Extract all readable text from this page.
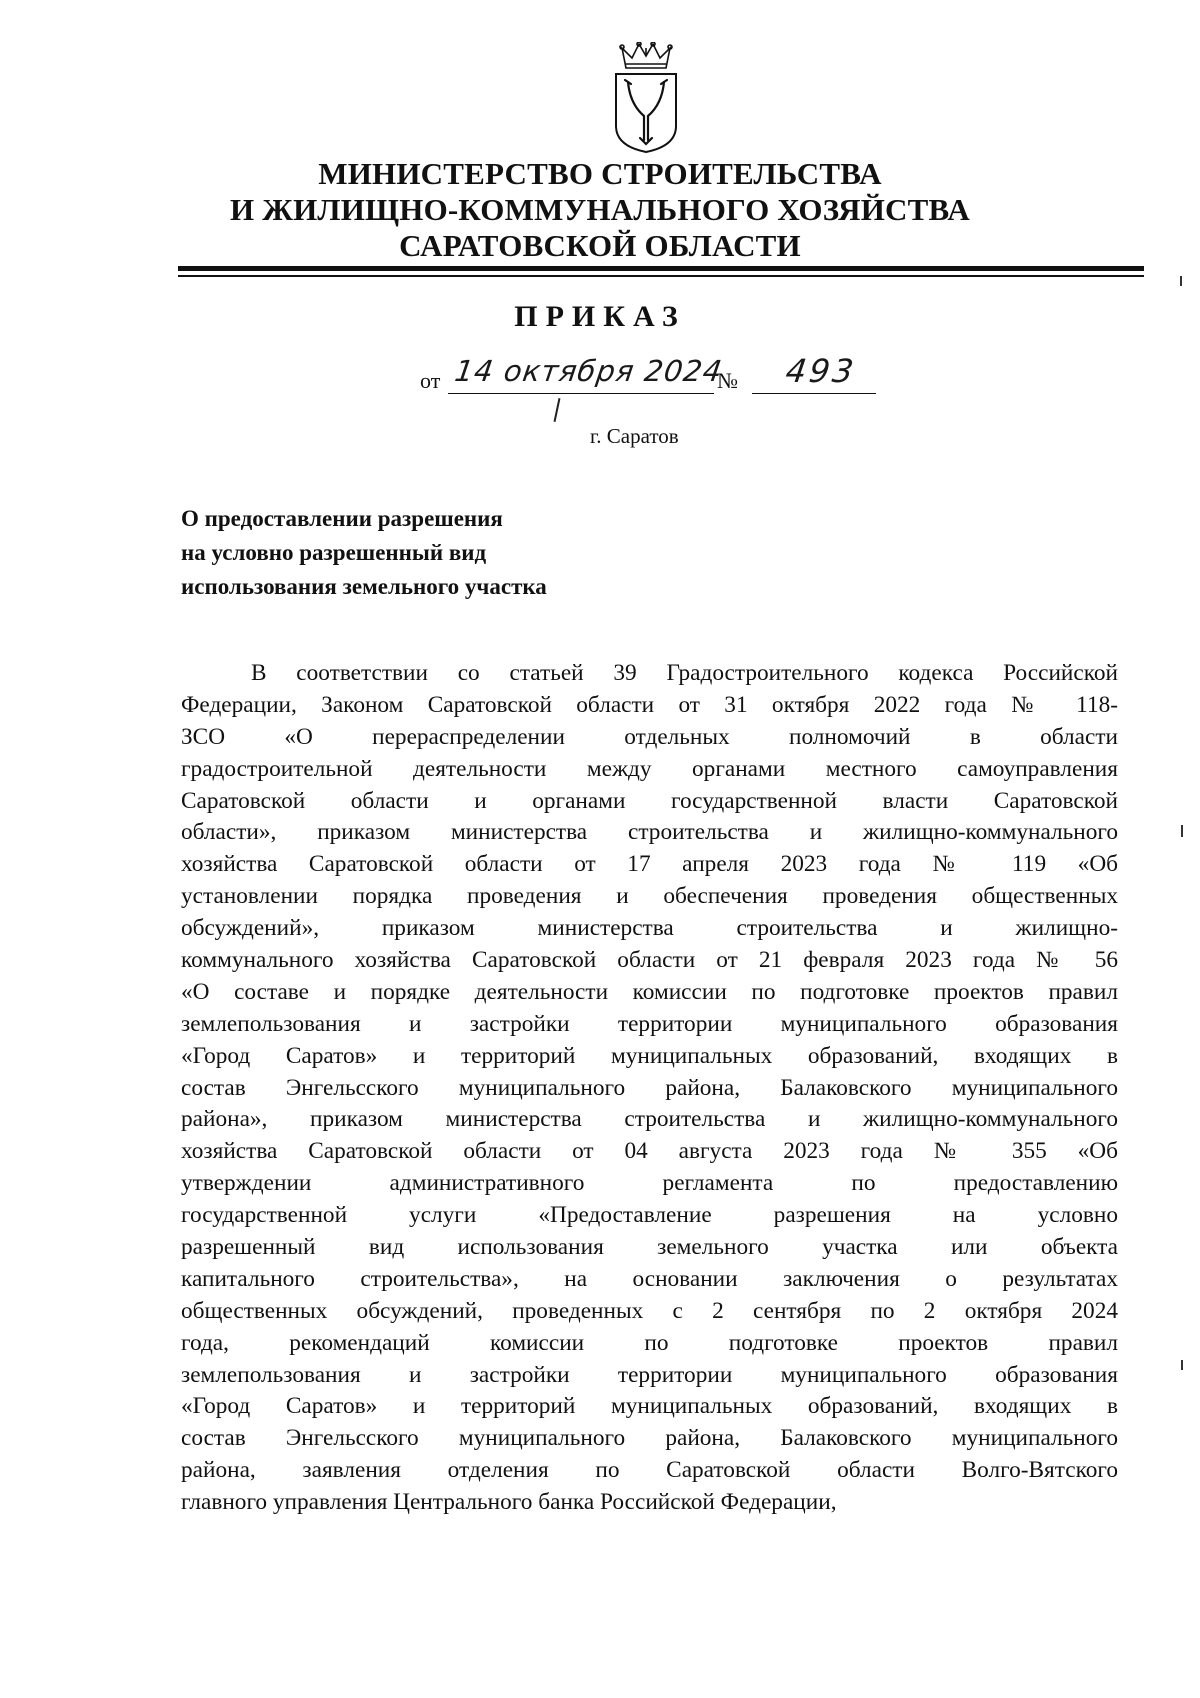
МИНИСТЕРСТВО СТРОИТЕЛЬСТВА
И ЖИЛИЩНО-КОММУНАЛЬНОГО ХОЗЯЙСТВА
САРАТОВСКОЙ ОБЛАСТИ
ПРИКАЗ
от 14 октября 2024
№ 493
г. Саратов
О предоставлении разрешения
на условно разрешенный вид
использования земельного участка
В соответствии со статьей 39 Градостроительного кодекса Российской
Федерации, Законом Саратовской области от 31 октября 2022 года № 118-
ЗСО «О перераспределении отдельных полномочий в области
градостроительной деятельности между органами местного самоуправления
Саратовской области и органами государственной власти Саратовской
области», приказом министерства строительства и жилищно-коммунального
хозяйства Саратовской области от 17 апреля 2023 года № 119 «Об
установлении порядка проведения и обеспечения проведения общественных
обсуждений», приказом министерства строительства и жилищно-
коммунального хозяйства Саратовской области от 21 февраля 2023 года № 56
«О составе и порядке деятельности комиссии по подготовке проектов правил
землепользования и застройки территории муниципального образования
«Город Саратов» и территорий муниципальных образований, входящих в
состав Энгельсского муниципального района, Балаковского муниципального
района», приказом министерства строительства и жилищно-коммунального
хозяйства Саратовской области от 04 августа 2023 года № 355 «Об
утверждении административного регламента по предоставлению
государственной услуги «Предоставление разрешения на условно
разрешенный вид использования земельного участка или объекта
капитального строительства», на основании заключения о результатах
общественных обсуждений, проведенных с 2 сентября по 2 октября 2024
года, рекомендаций комиссии по подготовке проектов правил
землепользования и застройки территории муниципального образования
«Город Саратов» и территорий муниципальных образований, входящих в
состав Энгельсского муниципального района, Балаковского муниципального
района, заявления отделения по Саратовской области Волго-Вятского
главного управления Центрального банка Российской Федерации,
